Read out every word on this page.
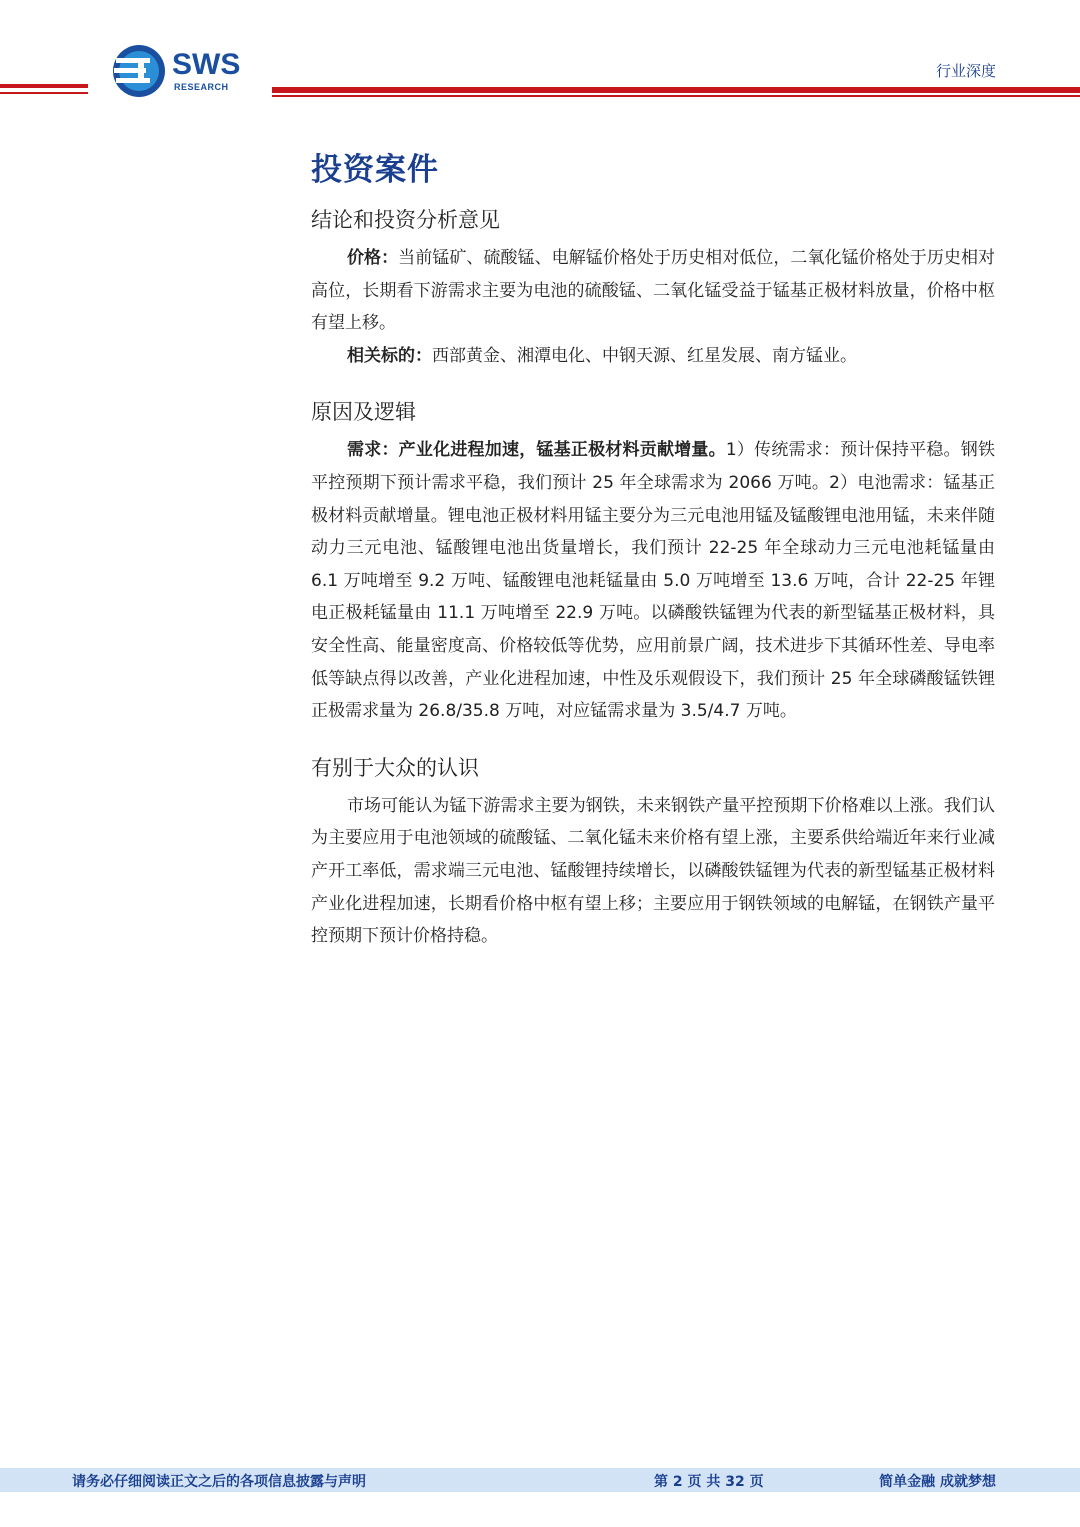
SWS
RESEARCH
行业深度
投资案件
结论和投资分析意见

价格：当前锰矿、硫酸锰、电解锰价格处于历史相对低位，二氧化锰价格处于历史相对高位，长期看下游需求主要为电池的硫酸锰、二氧化锰受益于锰基正极材料放量，价格中枢有望上移。

相关标的：西部黄金、湘潭电化、中钢天源、红星发展、南方锰业。

原因及逻辑

需求：产业化进程加速，锰基正极材料贡献增量。1）传统需求：预计保持平稳。钢铁平控预期下预计需求平稳，我们预计 25 年全球需求为 2066 万吨。2）电池需求：锰基正极材料贡献增量。锂电池正极材料用锰主要分为三元电池用锰及锰酸锂电池用锰，未来伴随动力三元电池、锰酸锂电池出货量增长，我们预计 22-25 年全球动力三元电池耗锰量由 6.1 万吨增至 9.2 万吨、锰酸锂电池耗锰量由 5.0 万吨增至 13.6 万吨，合计 22-25 年锂电正极耗锰量由 11.1 万吨增至 22.9 万吨。以磷酸铁锰锂为代表的新型锰基正极材料，具安全性高、能量密度高、价格较低等优势，应用前景广阔，技术进步下其循环性差、导电率低等缺点得以改善，产业化进程加速，中性及乐观假设下，我们预计 25 年全球磷酸锰铁锂正极需求量为 26.8/35.8 万吨，对应锰需求量为 3.5/4.7 万吨。

有别于大众的认识

市场可能认为锰下游需求主要为钢铁，未来钢铁产量平控预期下价格难以上涨。我们认为主要应用于电池领域的硫酸锰、二氧化锰未来价格有望上涨，主要系供给端近年来行业减产开工率低，需求端三元电池、锰酸锂持续增长，以磷酸铁锰锂为代表的新型锰基正极材料产业化进程加速，长期看价格中枢有望上移；主要应用于钢铁领域的电解锰，在钢铁产量平控预期下预计价格持稳。

请务必仔细阅读正文之后的各项信息披露与声明	第 2 页 共 32 页	简单金融 成就梦想
